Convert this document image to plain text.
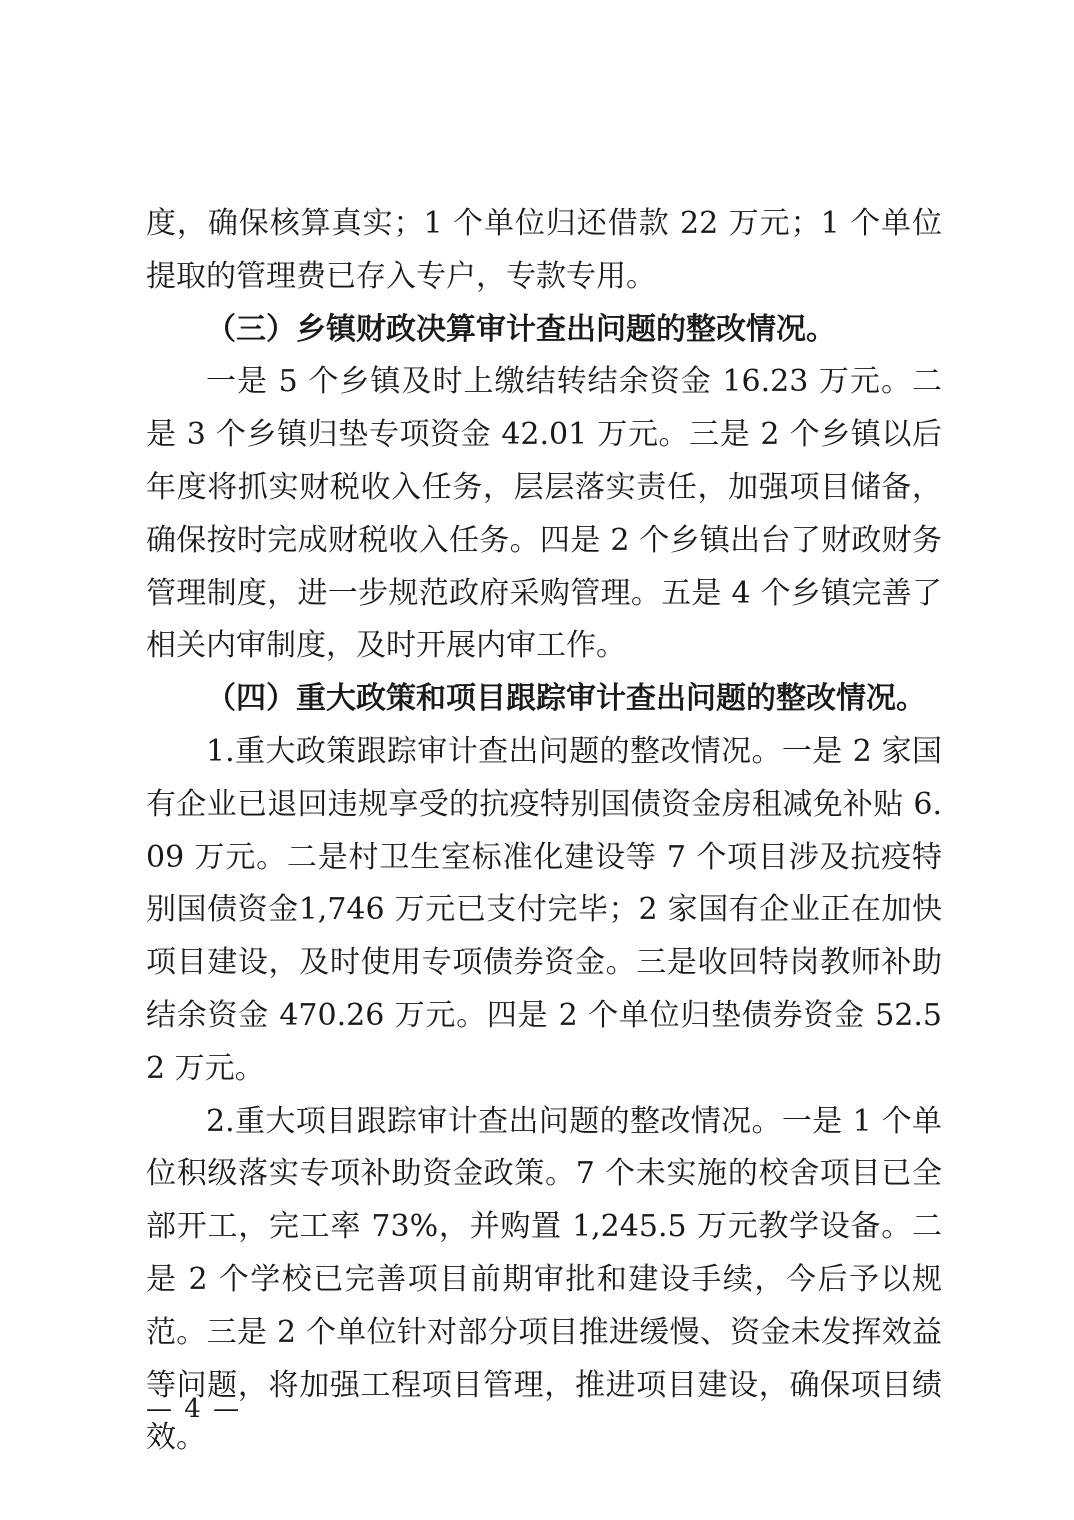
度，确保核算真实；1 个单位归还借款 22 万元；1 个单位提取的管理费已存入专户，专款专用。

（三）乡镇财政决算审计查出问题的整改情况。

一是 5 个乡镇及时上缴结转结余资金 16.23 万元。二是 3 个乡镇归垫专项资金 42.01 万元。三是 2 个乡镇以后年度将抓实财税收入任务，层层落实责任，加强项目储备，确保按时完成财税收入任务。四是 2 个乡镇出台了财政财务管理制度，进一步规范政府采购管理。五是 4 个乡镇完善了相关内审制度，及时开展内审工作。

（四）重大政策和项目跟踪审计查出问题的整改情况。

1.重大政策跟踪审计查出问题的整改情况。一是 2 家国有企业已退回违规享受的抗疫特别国债资金房租减免补贴 6.09 万元。二是村卫生室标准化建设等 7 个项目涉及抗疫特别国债资金1,746 万元已支付完毕；2 家国有企业正在加快项目建设，及时使用专项债券资金。三是收回特岗教师补助结余资金 470.26 万元。四是 2 个单位归垫债券资金 52.52 万元。

2.重大项目跟踪审计查出问题的整改情况。一是 1 个单位积级落实专项补助资金政策。7 个未实施的校舍项目已全部开工，完工率 73%，并购置 1,245.5 万元教学设备。二是 2 个学校已完善项目前期审批和建设手续，今后予以规范。三是 2 个单位针对部分项目推进缓慢、资金未发挥效益等问题，将加强工程项目管理，推进项目建设，确保项目绩效。

— 4 —
